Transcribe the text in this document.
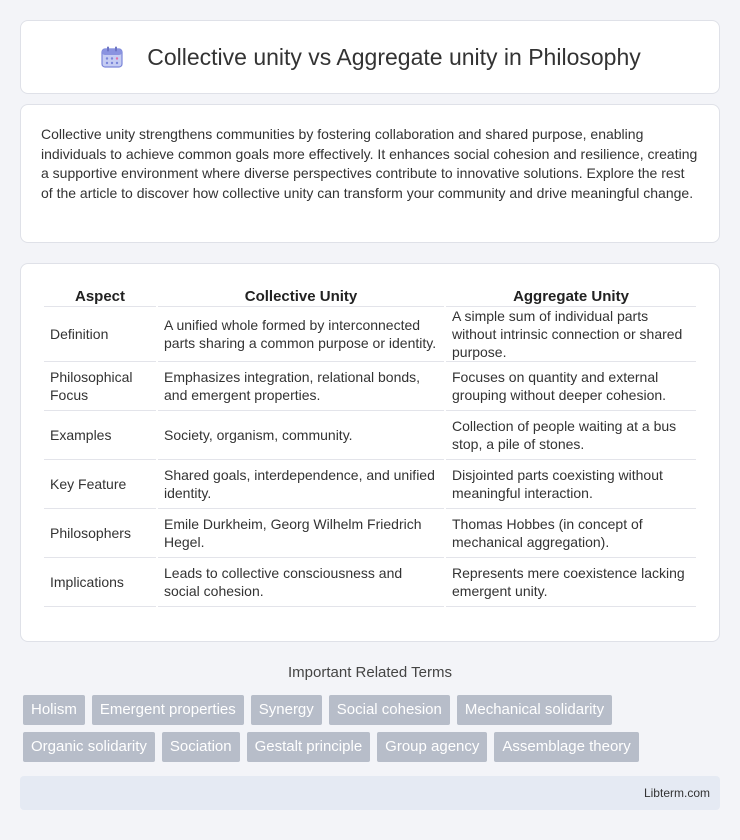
Collective unity vs Aggregate unity in Philosophy

Collective unity strengthens communities by fostering collaboration and shared purpose, enabling individuals to achieve common goals more effectively. It enhances social cohesion and resilience, creating a supportive environment where diverse perspectives contribute to innovative solutions. Explore the rest of the article to discover how collective unity can transform your community and drive meaningful change.

Aspect	Collective Unity	Aggregate Unity
Definition	A unified whole formed by interconnected parts sharing a common purpose or identity.	A simple sum of individual parts without intrinsic connection or shared purpose.
Philosophical Focus	Emphasizes integration, relational bonds, and emergent properties.	Focuses on quantity and external grouping without deeper cohesion.
Examples	Society, organism, community.	Collection of people waiting at a bus stop, a pile of stones.
Key Feature	Shared goals, interdependence, and unified identity.	Disjointed parts coexisting without meaningful interaction.
Philosophers	Emile Durkheim, Georg Wilhelm Friedrich Hegel.	Thomas Hobbes (in concept of mechanical aggregation).
Implications	Leads to collective consciousness and social cohesion.	Represents mere coexistence lacking emergent unity.
Important Related Terms
Holism	Emergent properties	Synergy	Social cohesion	Mechanical solidarity
Organic solidarity	Sociation	Gestalt principle	Group agency	Assemblage theory
Libterm.com
